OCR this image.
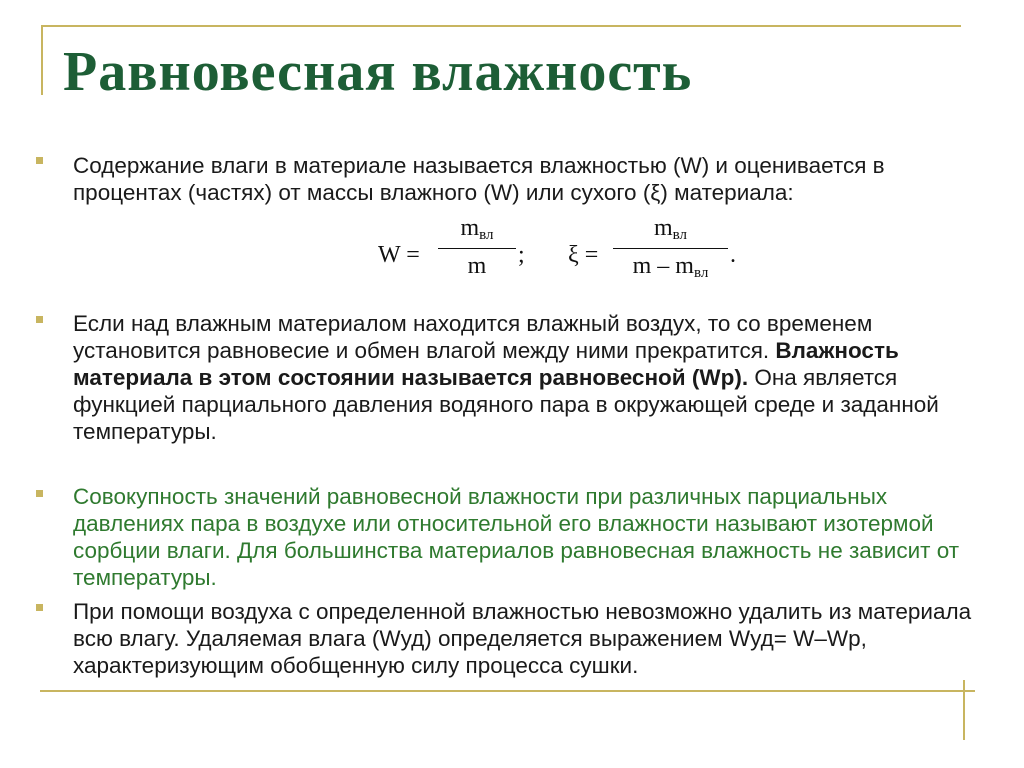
Равновесная влажность
Содержание влаги в материале называется влажностью (W) и оценивается в процентах (частях) от массы влажного (W) или сухого (ξ) материала:
W =
$m_{вл}$
m	; ξ =
$m_{вл}$
m – $m_{вл}$
.
Если над влажным материалом находится влажный воздух, то со временем установится равновесие и обмен влагой между ними прекратится. Влажность материала в этом состоянии называется равновесной (Wp). Она является функцией парциального давления водяного пара в окружающей среде и заданной температуры.
Совокупность значений равновесной влажности при различных парциальных давлениях пара в воздухе или относительной его влажности называют изотермой сорбции влаги. Для большинства материалов равновесная влажность не зависит от температуры.
При помощи воздуха с определенной влажностью невозможно удалить из материала всю влагу. Удаляемая влага (Wуд) определяется выражением Wуд= W–Wp, характеризующим обобщенную силу процесса сушки.
